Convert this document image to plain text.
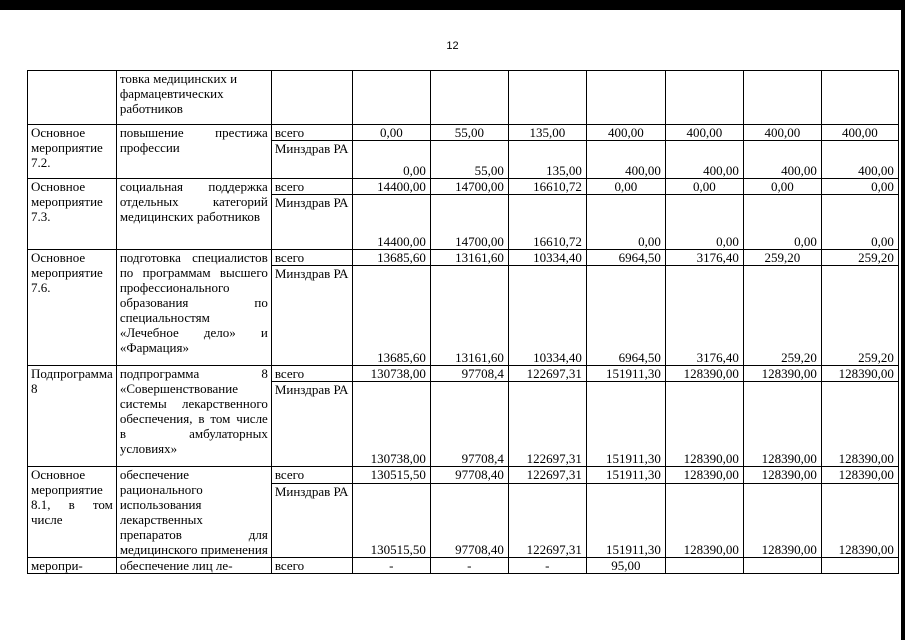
12
	товка медицинских и фармацевтических работников								
Основное мероприятие 7.2.	повышение престижа профессии	всего	0,00	55,00	135,00	400,00	400,00	400,00	400,00
		Минздрав РА	0,00	55,00	135,00	400,00	400,00	400,00	400,00
Основное мероприятие 7.3.	социальная поддержка отдельных категорий медицинских работников	всего	14400,00	14700,00	16610,72	0,00	0,00	0,00	0,00
		Минздрав РА	14400,00	14700,00	16610,72	0,00	0,00	0,00	0,00
Основное мероприятие 7.6.	подготовка специалистов по программам высшего профессионального образования по специальностям «Лечебное дело» и «Фармация»	всего	13685,60	13161,60	10334,40	6964,50	3176,40	259,20	259,20
		Минздрав РА	13685,60	13161,60	10334,40	6964,50	3176,40	259,20	259,20
Подпрограмма 8	подпрограмма 8 «Совершенствование системы лекарственного обеспечения, в том числе в амбулаторных условиях»	всего	130738,00	97708,4	122697,31	151911,30	128390,00	128390,00	128390,00
		Минздрав РА	130738,00	97708,4	122697,31	151911,30	128390,00	128390,00	128390,00
Основное мероприятие 8.1, в том числе	обеспечение рационального использования лекарственных препаратов для медицинского применения	всего	130515,50	97708,40	122697,31	151911,30	128390,00	128390,00	128390,00
		Минздрав РА	130515,50	97708,40	122697,31	151911,30	128390,00	128390,00	128390,00
меропри-	обеспечение лиц ле-	всего	-	-	-	95,00			
